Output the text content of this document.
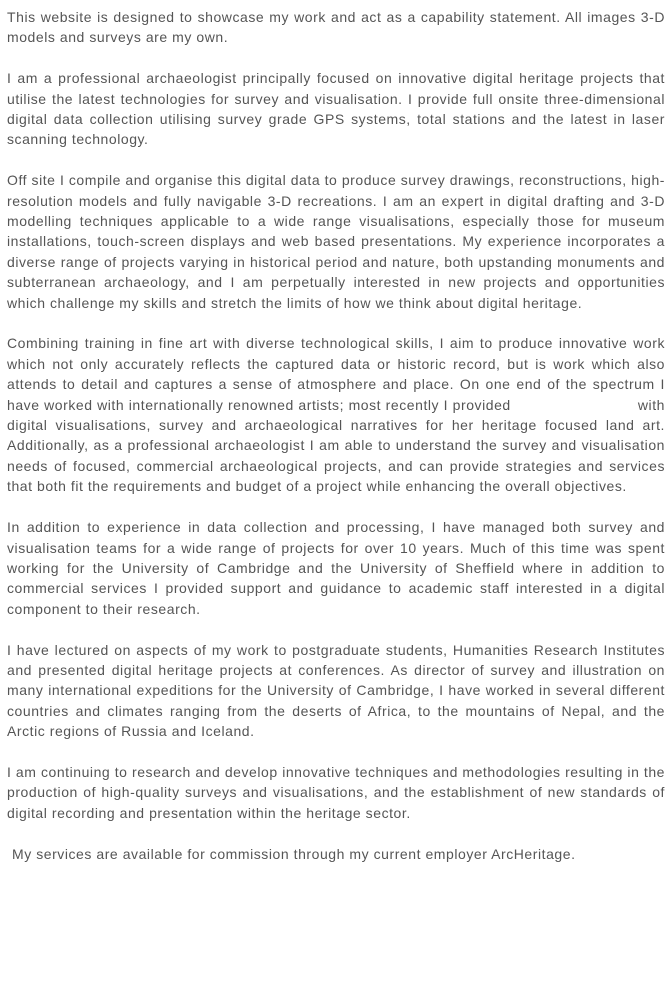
This website is designed to showcase my work and act as a capability statement. All images 3-D models and surveys are my own.

I am a professional archaeologist principally focused on innovative digital heritage projects that utilise the latest technologies for survey and visualisation. I provide full onsite three-dimensional digital data collection utilising survey grade GPS systems, total stations and the latest in laser scanning technology.

Off site I compile and organise this digital data to produce survey drawings, reconstructions, high-resolution models and fully navigable 3-D recreations. I am an expert in digital drafting and 3-D modelling techniques applicable to a wide range visualisations, especially those for museum installations, touch-screen displays and web based presentations. My experience incorporates a diverse range of projects varying in historical period and nature, both upstanding monuments and subterranean archaeology, and I am perpetually interested in new projects and opportunities which challenge my skills and stretch the limits of how we think about digital heritage.

Combining training in fine art with diverse technological skills, I aim to produce innovative work which not only accurately reflects the captured data or historic record, but is work which also attends to detail and captures a sense of atmosphere and place. On one end of the spectrum I have worked with internationally renowned artists; most recently I provided	with digital visualisations, survey and archaeological narratives for her heritage focused land art. Additionally, as a professional archaeologist I am able to understand the survey and visualisation needs of focused, commercial archaeological projects, and can provide strategies and services that both fit the requirements and budget of a project while enhancing the overall objectives.

In addition to experience in data collection and processing, I have managed both survey and visualisation teams for a wide range of projects for over 10 years. Much of this time was spent working for the University of Cambridge and the University of Sheffield where in addition to commercial services I provided support and guidance to academic staff interested in a digital component to their research.

I have lectured on aspects of my work to postgraduate students, Humanities Research Institutes and presented digital heritage projects at conferences. As director of survey and illustration on many international expeditions for the University of Cambridge, I have worked in several different countries and climates ranging from the deserts of Africa, to the mountains of Nepal, and the Arctic regions of Russia and Iceland.

I am continuing to research and develop innovative techniques and methodologies resulting in the production of high-quality surveys and visualisations, and the establishment of new standards of digital recording and presentation within the heritage sector.

My services are available for commission through my current employer ArcHeritage.
